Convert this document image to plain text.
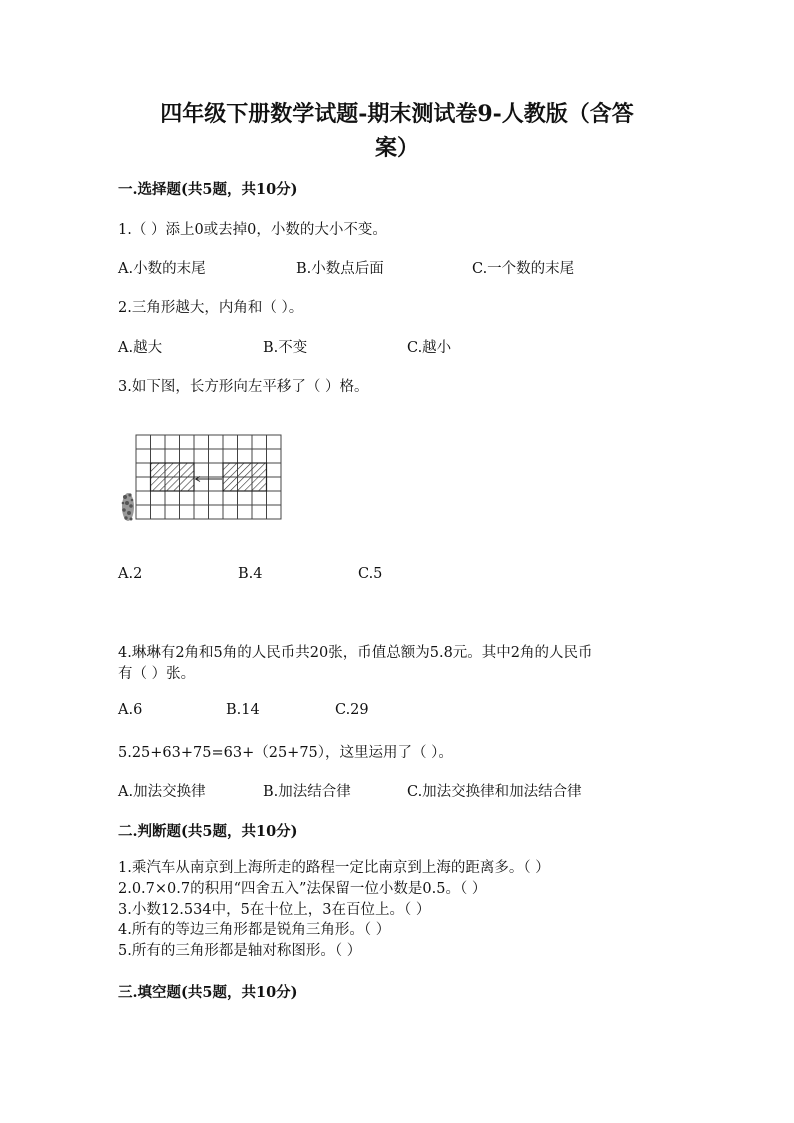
四年级下册数学试题-期末测试卷9-人教版（含答
案）
一.选择题(共5题，共10分)
1.（ ）添上0或去掉0，小数的大小不变。
A.小数的末尾	B.小数点后面	C.一个数的末尾
2.三角形越大，内角和（ ）。
A.越大	B.不变	C.越小
3.如下图，长方形向左平移了（ ）格。
A.2	B.4	C.5
4.琳琳有2角和5角的人民币共20张，币值总额为5.8元。其中2角的人民币
有（ ）张。
A.6	B.14	C.29
5.25+63+75=63+（25+75），这里运用了（ ）。
A.加法交换律	B.加法结合律	C.加法交换律和加法结合律
二.判断题(共5题，共10分)
1.乘汽车从南京到上海所走的路程一定比南京到上海的距离多。（ ）
2.0.7×0.7的积用“四舍五入”法保留一位小数是0.5。（ ）
3.小数12.534中，5在十位上，3在百位上。（ ）
4.所有的等边三角形都是锐角三角形。（ ）
5.所有的三角形都是轴对称图形。（ ）
三.填空题(共5题，共10分)
